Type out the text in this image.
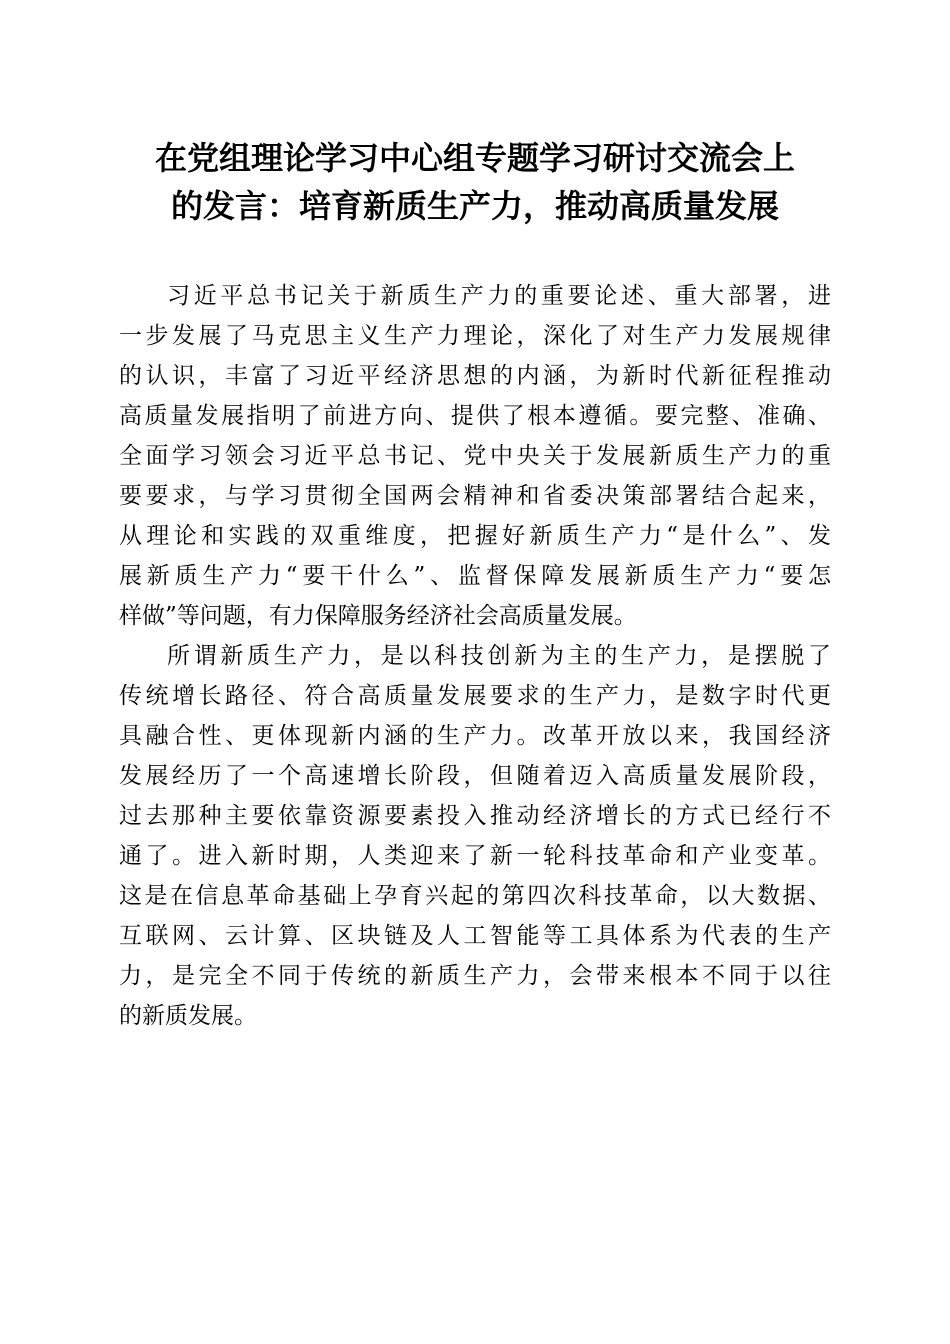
在党组理论学习中心组专题学习研讨交流会上
的发言：培育新质生产力，推动高质量发展
习近平总书记关于新质生产力的重要论述、重大部署，进
一步发展了马克思主义生产力理论，深化了对生产力发展规律
的认识，丰富了习近平经济思想的内涵，为新时代新征程推动
高质量发展指明了前进方向、提供了根本遵循。要完整、准确、
全面学习领会习近平总书记、党中央关于发展新质生产力的重
要要求，与学习贯彻全国两会精神和省委决策部署结合起来，
从理论和实践的双重维度，把握好新质生产力“是什么”、发
展新质生产力“要干什么”、监督保障发展新质生产力“要怎
样做”等问题，有力保障服务经济社会高质量发展。
所谓新质生产力，是以科技创新为主的生产力，是摆脱了
传统增长路径、符合高质量发展要求的生产力，是数字时代更
具融合性、更体现新内涵的生产力。改革开放以来，我国经济
发展经历了一个高速增长阶段，但随着迈入高质量发展阶段，
过去那种主要依靠资源要素投入推动经济增长的方式已经行不
通了。进入新时期，人类迎来了新一轮科技革命和产业变革。
这是在信息革命基础上孕育兴起的第四次科技革命，以大数据、
互联网、云计算、区块链及人工智能等工具体系为代表的生产
力，是完全不同于传统的新质生产力，会带来根本不同于以往
的新质发展。
